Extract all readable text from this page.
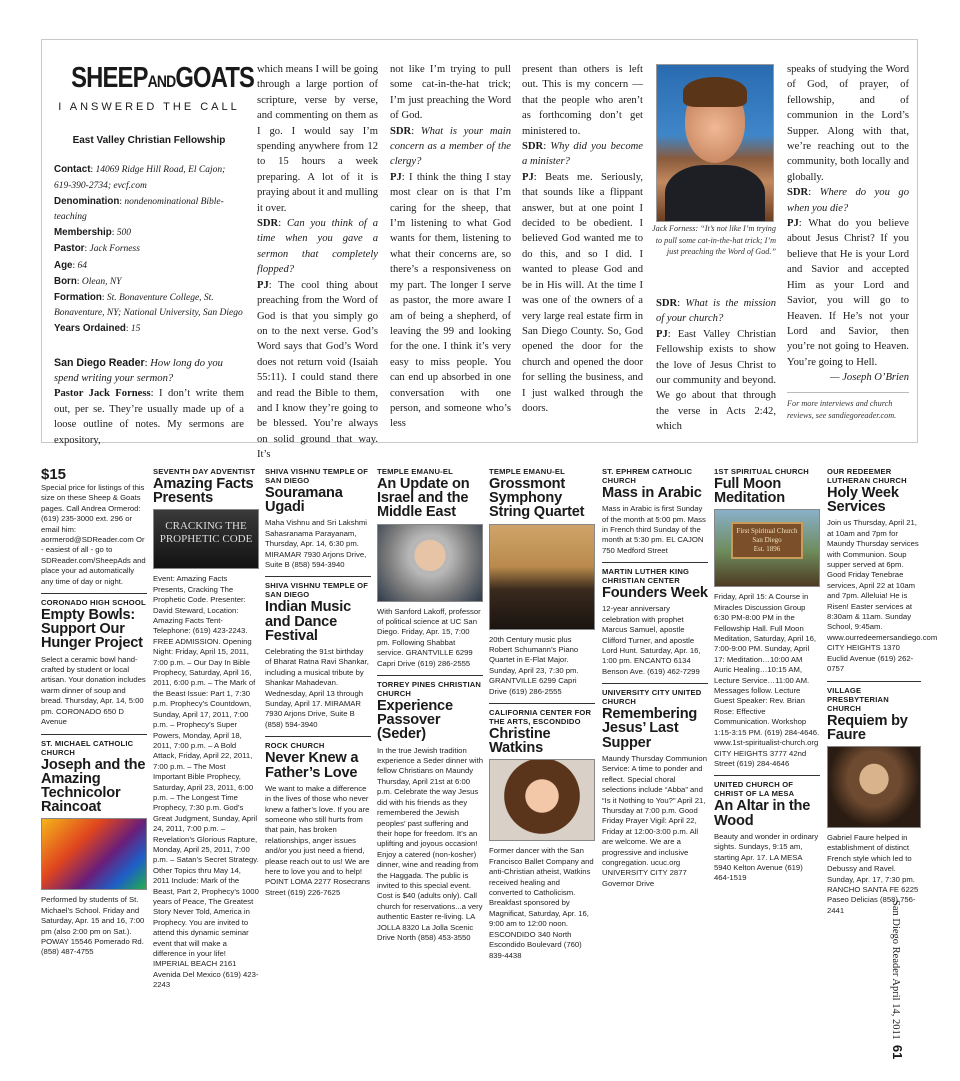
SHEEPANDGOATS
I ANSWERED THE CALL
East Valley Christian Fellowship
Contact: 14069 Ridge Hill Road, El Cajon; 619-390-2734; evcf.com
Denomination: nondenominational Bible-teaching
Membership: 500
Pastor: Jack Forness
Age: 64
Born: Olean, NY
Formation: St. Bonaventure College, St. Bonaventure, NY; National University, San Diego
Years Ordained: 15

San Diego Reader: How long do you spend writing your sermon?

Pastor Jack Forness: I don’t write them out, per se. They’re usually made up of a loose outline of notes. My sermons are expository,

which means I will be going through a large portion of scripture, verse by verse, and commenting on them as I go. I would say I’m spending anywhere from 12 to 15 hours a week preparing. A lot of it is praying about it and mulling it over.

SDR: Can you think of a time when you gave a sermon that completely flopped?

PJ: The cool thing about preaching from the Word of God is that you simply go on to the next verse. God’s Word says that God’s Word does not return void (Isaiah 55:11). I could stand there and read the Bible to them, and I know they’re going to be blessed. You’re always on solid ground that way. It’s

not like I’m trying to pull some cat-in-the-hat trick; I’m just preaching the Word of God.

SDR: What is your main concern as a member of the clergy?

PJ: I think the thing I stay most clear on is that I’m caring for the sheep, that I’m listening to what God wants for them, listening to what their concerns are, so there’s a responsiveness on my part. The longer I serve as pastor, the more aware I am of being a shepherd, of leaving the 99 and looking for the one. I think it’s very easy to miss people. You can end up absorbed in one conversation with one person, and someone who’s less

present than others is left out. This is my concern — that the people who aren’t as forthcoming don’t get ministered to.

SDR: Why did you become a minister?

PJ: Beats me. Seriously, that sounds like a flippant answer, but at one point I decided to be obedient. I believed God wanted me to do this, and so I did. I wanted to please God and be in His will. At the time I was one of the owners of a very large real estate firm in San Diego County. So, God opened the door for the church and opened the door for selling the business, and I just walked through the doors.

Jack Forness: “It’s not like I’m trying to pull some cat-in-the-hat trick; I’m just preaching the Word of God.”

SDR: What is the mission of your church?

PJ: East Valley Christian Fellowship exists to show the love of Jesus Christ to our community and beyond. We go about that through the verse in Acts 2:42, which

speaks of studying the Word of God, of prayer, of fellowship, and of communion in the Lord’s Supper. Along with that, we’re reaching out to the community, both locally and globally.

SDR: Where do you go when you die?

PJ: What do you believe about Jesus Christ? If you believe that He is your Lord and Savior and accepted Him as your Lord and Savior, you will go to Heaven. If He’s not your Lord and Savior, then you’re not going to Heaven. You’re going to Hell.

— Joseph O’Brien

For more interviews and church reviews, see sandiegoreader.com.
$15
Special price for listings of this size on these Sheep & Goats pages. Call Andrea Ormerod: (619) 235-3000 ext. 296 or email him: aormerod@SDReader.com Or - easiest of all - go to SDReader.com/SheepAds and place your ad automatically any time of day or night.
CORONADO HIGH SCHOOL
Empty Bowls: Support Our Hunger Project
Select a ceramic bowl hand-crafted by student or local artisan. Your donation includes warm dinner of soup and bread. Thursday, Apr. 14, 5:00 pm. CORONADO 650 D Avenue
ST. MICHAEL CATHOLIC CHURCH
Joseph and the Amazing Technicolor Raincoat
Performed by students of St. Michael’s School. Friday and Saturday, Apr. 15 and 16, 7:00 pm (also 2:00 pm on Sat.). POWAY 15546 Pomerado Rd. (858) 487-4755
SEVENTH DAY ADVENTIST
Amazing Facts Presents
CRACKING THE PROPHETIC CODE
Event: Amazing Facts Presents, Cracking The Prophetic Code. Presenter: David Steward, Location: Amazing Facts Tent-Telephone: (619) 423-2243. FREE ADMISSION. Opening Night: Friday, April 15, 2011, 7:00 p.m. – Our Day In Bible Prophecy, Saturday, April 16, 2011, 6:00 p.m. – The Mark of the Beast Issue: Part 1, 7:30 p.m. Prophecy’s Countdown, Sunday, April 17, 2011, 7:00 p.m. – Prophecy’s Super Powers, Monday, April 18, 2011, 7:00 p.m. – A Bold Attack, Friday, April 22, 2011, 7:00 p.m. – The Most Important Bible Prophecy, Saturday, April 23, 2011, 6:00 p.m. – The Longest Time Prophecy, 7:30 p.m. God’s Great Judgment, Sunday, April 24, 2011, 7:00 p.m. – Revelation’s Glorious Rapture, Monday, April 25, 2011, 7:00 p.m. – Satan’s Secret Strategy. Other Topics thru May 14, 2011 Include: Mark of the Beast, Part 2, Prophecy’s 1000 years of Peace, The Greatest Story Never Told, America in Prophecy. You are invited to attend this dynamic seminar event that will make a difference in your life! IMPERIAL BEACH 2161 Avenida Del Mexico (619) 423-2243
SHIVA VISHNU TEMPLE OF SAN DIEGO
Souramana Ugadi
Maha Vishnu and Sri Lakshmi Sahasranama Parayanam, Thursday, Apr. 14, 6:30 pm. MIRAMAR 7930 Arjons Drive, Suite B (858) 594-3940
SHIVA VISHNU TEMPLE OF SAN DIEGO
Indian Music and Dance Festival
Celebrating the 91st birthday of Bharat Ratna Ravi Shankar, including a musical tribute by Shankar Mahadevan. Wednesday, April 13 through Sunday, April 17. MIRAMAR 7930 Arjons Drive, Suite B (858) 594-3940
ROCK CHURCH
Never Knew a Father’s Love
We want to make a difference in the lives of those who never knew a father’s love. If you are someone who still hurts from that pain, has broken relationships, anger issues and/or you just need a friend, please reach out to us! We are here to love you and to help! POINT LOMA 2277 Rosecrans Street (619) 226-7625
TEMPLE EMANU-EL
An Update on Israel and the Middle East
With Sanford Lakoff, professor of political science at UC San Diego. Friday, Apr. 15, 7:00 pm. Following Shabbat service. GRANTVILLE 6299 Capri Drive (619) 286-2555
TORREY PINES CHRISTIAN CHURCH
Experience Passover (Seder)
In the true Jewish tradition experience a Seder dinner with fellow Christians on Maundy Thursday, April 21st at 6:00 p.m. Celebrate the way Jesus did with his friends as they remembered the Jewish peoples’ past suffering and their hope for freedom. It’s an uplifting and joyous occasion! Enjoy a catered (non-kosher) dinner, wine and reading from the Haggada. The public is invited to this special event. Cost is $40 (adults only). Call church for reservations...a very authentic Easter re-living. LA JOLLA 8320 La Jolla Scenic Drive North (858) 453-3550
TEMPLE EMANU-EL
Grossmont Symphony String Quartet
20th Century music plus Robert Schumann’s Piano Quartet in E-Flat Major. Sunday, April 23, 7:30 pm. GRANTVILLE 6299 Capri Drive (619) 286-2555
CALIFORNIA CENTER FOR THE ARTS, ESCONDIDO
Christine Watkins
Former dancer with the San Francisco Ballet Company and anti-Christian atheist, Watkins received healing and converted to Catholicism. Breakfast sponsored by Magnificat, Saturday, Apr. 16, 9:00 am to 12:00 noon. ESCONDIDO 340 North Escondido Boulevard (760) 839-4438
ST. EPHREM CATHOLIC CHURCH
Mass in Arabic
Mass in Arabic is first Sunday of the month at 5:00 pm. Mass in French third Sunday of the month at 5:30 pm. EL CAJON 750 Medford Street
MARTIN LUTHER KING CHRISTIAN CENTER
Founders Week
12-year anniversary celebration with prophet Marcus Samuel, apostle Clifford Turner, and apostle Lord Hunt. Saturday, Apr. 16, 1:00 pm. ENCANTO 6134 Benson Ave. (619) 462-7299
UNIVERSITY CITY UNITED CHURCH
Remembering Jesus’ Last Supper
Maundy Thursday Communion Service: A time to ponder and reflect. Special choral selections include “Abba” and “Is it Nothing to You?” April 21, Thursday at 7:00 p.m. Good Friday Prayer Vigil: April 22, Friday at 12:00-3:00 p.m. All are welcome. We are a progressive and inclusive congregation. ucuc.org UNIVERSITY CITY 2877 Governor Drive
1ST SPIRITUAL CHURCH
Full Moon Meditation
First Spiritual Church
San Diego
Est. 1896
Friday, April 15: A Course in Miracles Discussion Group 6:30 PM-8:00 PM in the Fellowship Hall. Full Moon Meditation, Saturday, April 16, 7:00-9:00 PM. Sunday, April 17: Meditation…10:00 AM Auric Healing…10:15 AM, Lecture Service…11:00 AM. Messages follow. Lecture Guest Speaker: Rev. Brian Rose: Effective Communication. Workshop 1:15-3:15 PM. (619) 284-4646. www.1st-spiritualist-church.org CITY HEIGHTS 3777 42nd Street (619) 284-4646
UNITED CHURCH OF CHRIST OF LA MESA
An Altar in the Wood
Beauty and wonder in ordinary sights. Sundays, 9:15 am, starting Apr. 17. LA MESA 5940 Kelton Avenue (619) 464-1519
OUR REDEEMER LUTHERAN CHURCH
Holy Week Services
Join us Thursday, April 21, at 10am and 7pm for Maundy Thursday services with Communion. Soup supper served at 6pm. Good Friday Tenebrae services, April 22 at 10am and 7pm. Alleluia! He is Risen! Easter services at 8:30am & 11am. Sunday School, 9:45am. www.ourredeemersandiego.com CITY HEIGHTS 1370 Euclid Avenue (619) 262-0757
VILLAGE PRESBYTERIAN CHURCH
Requiem by Faure
Gabriel Faure helped in establishment of distinct French style which led to Debussy and Ravel. Sunday, Apr. 17, 7:30 pm. RANCHO SANTA FE 6225 Paseo Delicias (858) 756-2441	San Diego Reader April 14, 2011  61
